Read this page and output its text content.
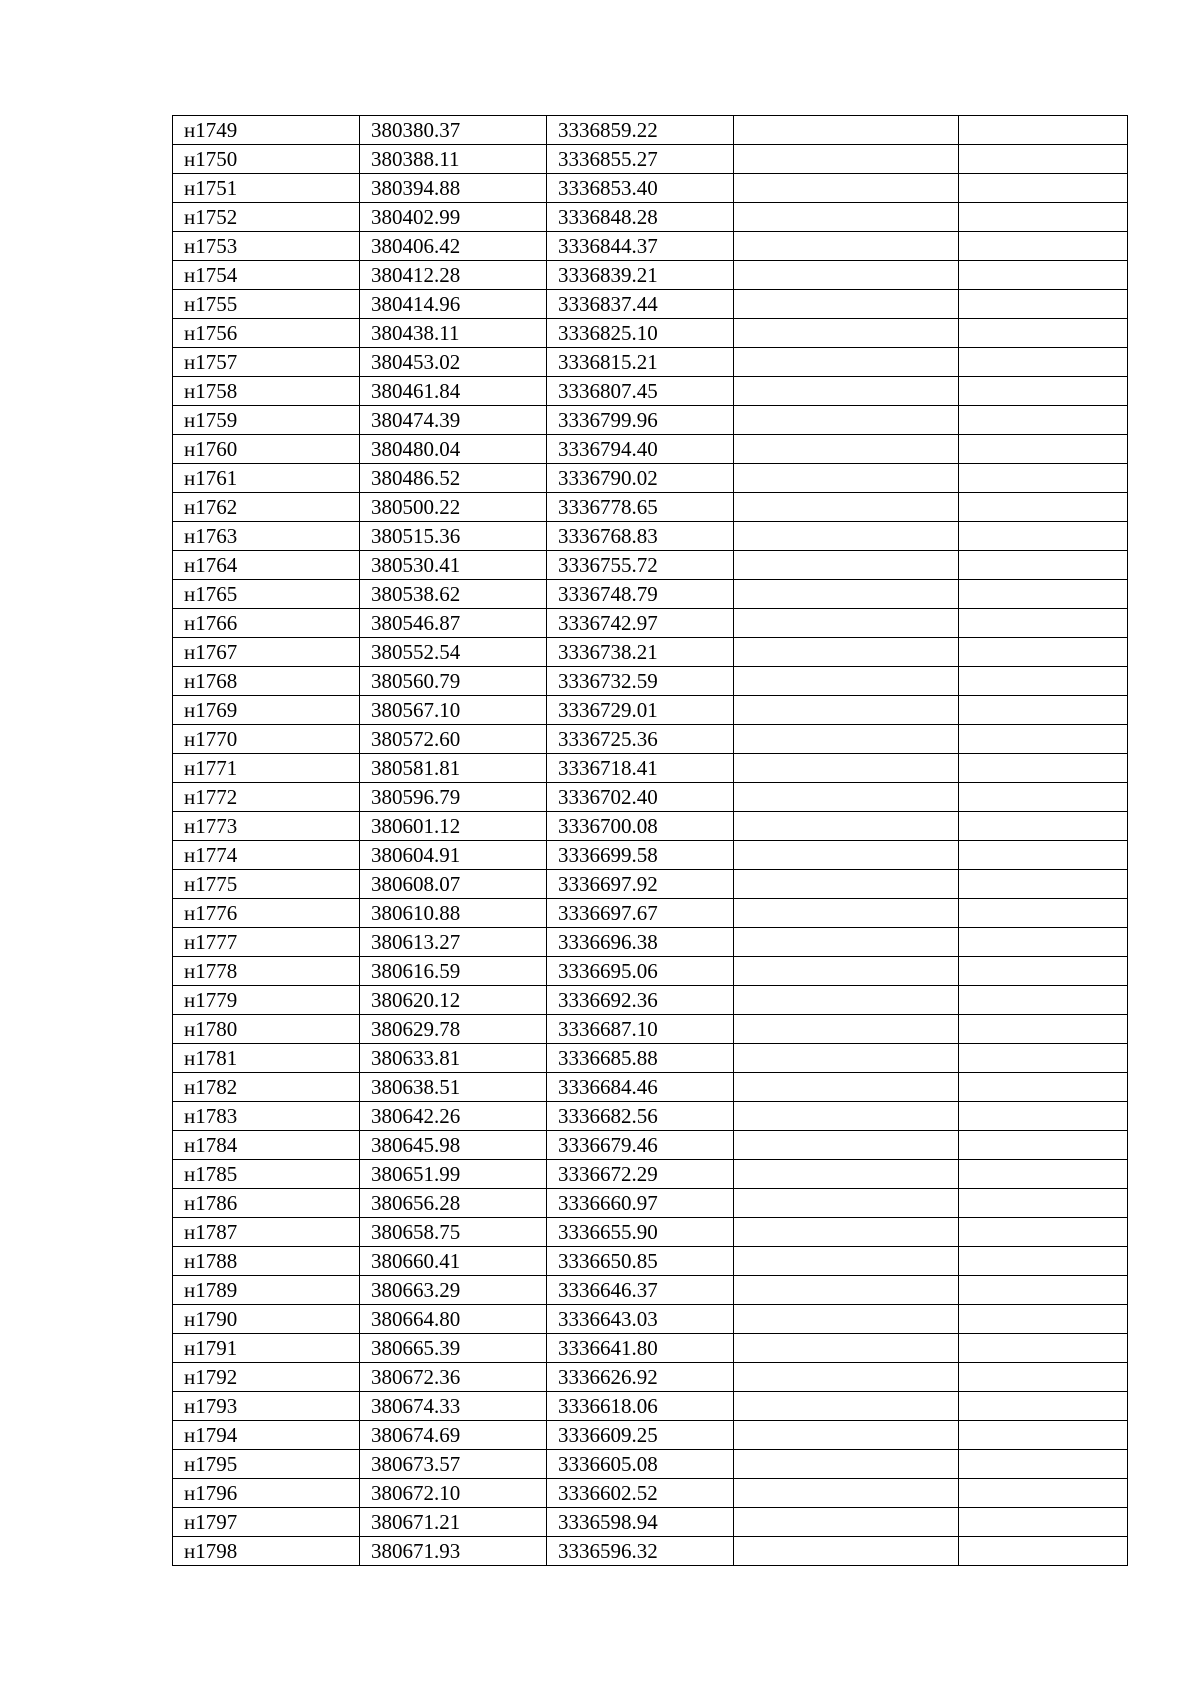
н1749	380380.37	3336859.22		
н1750	380388.11	3336855.27		
н1751	380394.88	3336853.40		
н1752	380402.99	3336848.28		
н1753	380406.42	3336844.37		
н1754	380412.28	3336839.21		
н1755	380414.96	3336837.44		
н1756	380438.11	3336825.10		
н1757	380453.02	3336815.21		
н1758	380461.84	3336807.45		
н1759	380474.39	3336799.96		
н1760	380480.04	3336794.40		
н1761	380486.52	3336790.02		
н1762	380500.22	3336778.65		
н1763	380515.36	3336768.83		
н1764	380530.41	3336755.72		
н1765	380538.62	3336748.79		
н1766	380546.87	3336742.97		
н1767	380552.54	3336738.21		
н1768	380560.79	3336732.59		
н1769	380567.10	3336729.01		
н1770	380572.60	3336725.36		
н1771	380581.81	3336718.41		
н1772	380596.79	3336702.40		
н1773	380601.12	3336700.08		
н1774	380604.91	3336699.58		
н1775	380608.07	3336697.92		
н1776	380610.88	3336697.67		
н1777	380613.27	3336696.38		
н1778	380616.59	3336695.06		
н1779	380620.12	3336692.36		
н1780	380629.78	3336687.10		
н1781	380633.81	3336685.88		
н1782	380638.51	3336684.46		
н1783	380642.26	3336682.56		
н1784	380645.98	3336679.46		
н1785	380651.99	3336672.29		
н1786	380656.28	3336660.97		
н1787	380658.75	3336655.90		
н1788	380660.41	3336650.85		
н1789	380663.29	3336646.37		
н1790	380664.80	3336643.03		
н1791	380665.39	3336641.80		
н1792	380672.36	3336626.92		
н1793	380674.33	3336618.06		
н1794	380674.69	3336609.25		
н1795	380673.57	3336605.08		
н1796	380672.10	3336602.52		
н1797	380671.21	3336598.94		
н1798	380671.93	3336596.32		
